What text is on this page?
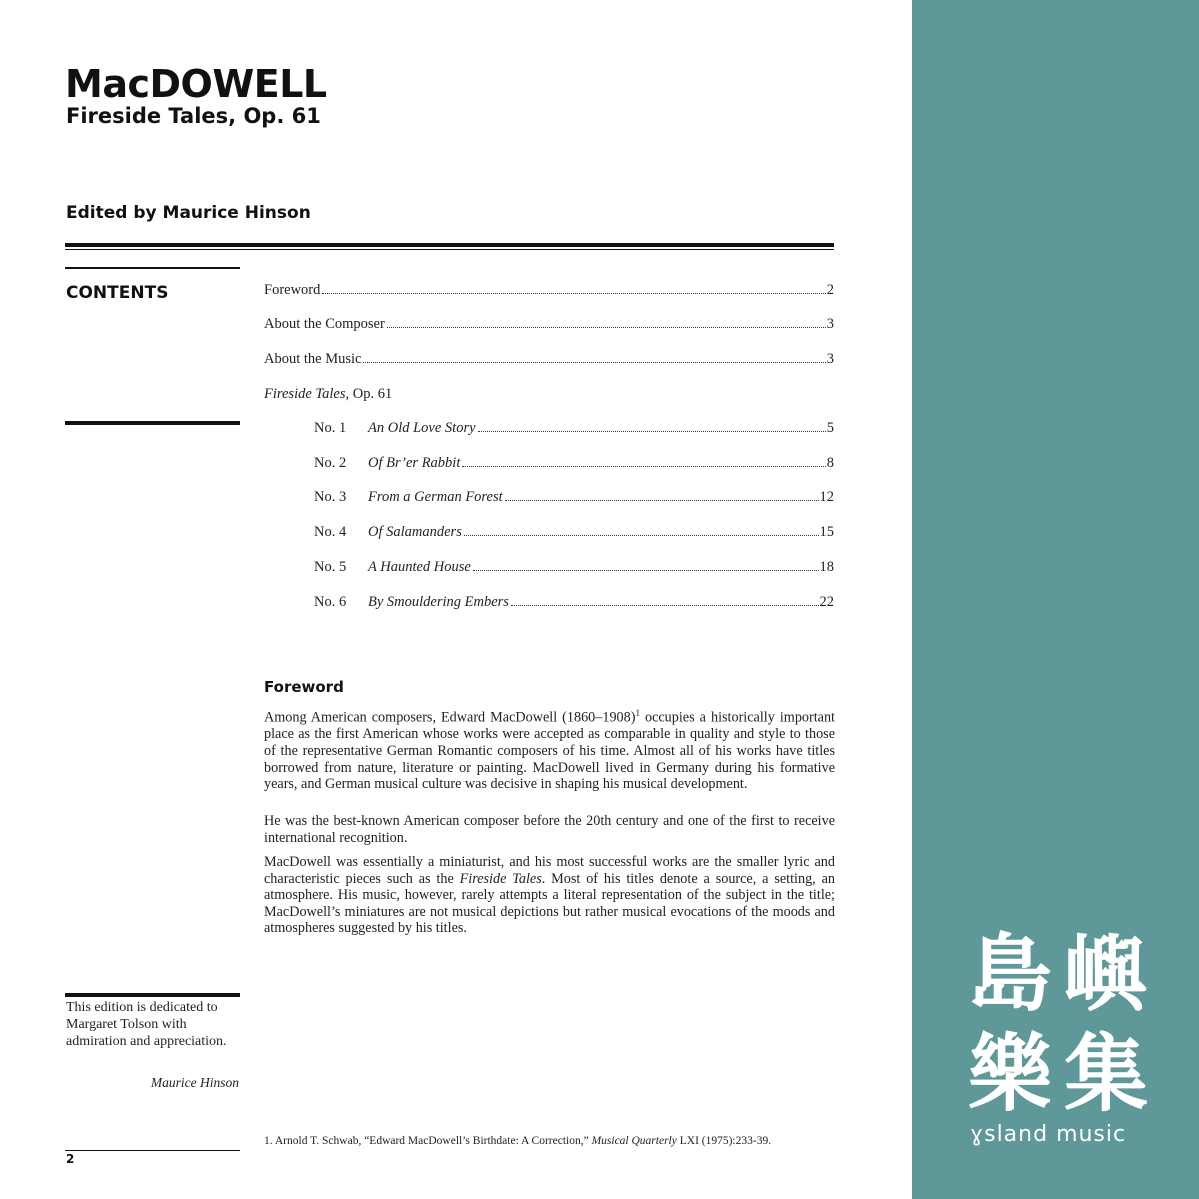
MacDOWELL
Fireside Tales, Op. 61
Edited by Maurice Hinson
CONTENTS	Foreword	2
About the Composer	3
About the Music	3
Fireside Tales , Op. 61
No. 1	An Old Love Story	5
No. 2	Of Br’er Rabbit	8
No. 3	From a German Forest	12
No. 4	Of Salamanders	15
No. 5	A Haunted House	18
No. 6	By Smouldering Embers	22
Foreword

Among American composers, Edward MacDowell (1860–1908)$^1$ occupies a historically important place as the first American whose works were accepted as comparable in quality and style to those of the representative German Romantic composers of his time. Almost all of his works have titles borrowed from nature, literature or painting. MacDowell lived in Germany during his formative years, and German musical culture was decisive in shaping his musical development.

He was the best-known American composer before the 20th century and one of the first to receive international recognition.

MacDowell was essentially a miniaturist, and his most successful works are the smaller lyric and characteristic pieces such as the Fireside Tales. Most of his titles denote a source, a setting, an atmosphere. His music, however, rarely attempts a literal representation of the subject in the title; MacDowell’s miniatures are not musical depictions but rather musical evocations of the moods and atmospheres suggested by his titles.

This edition is dedicated to Margaret Tolson with admiration and appreciation.
Maurice Hinson
1. Arnold T. Schwab, “Edward MacDowell’s Birthdate: A Correction,” Musical Quarterly LXI (1975):233-39.
2
島 嶼
樂 集
ɣsland music
